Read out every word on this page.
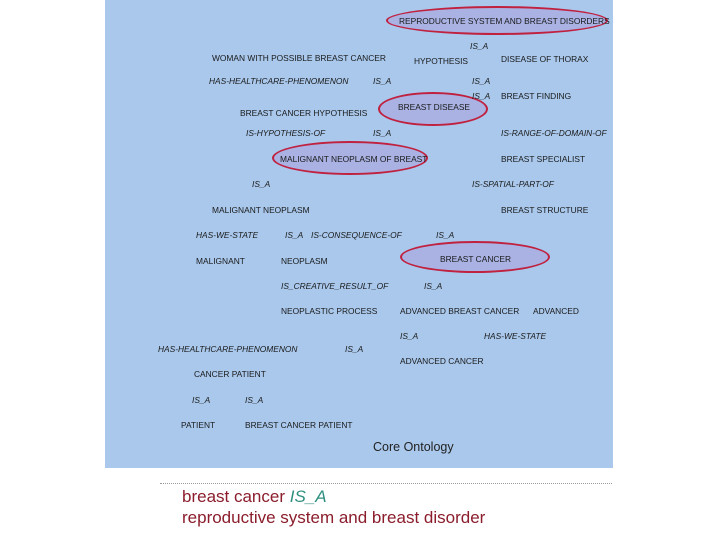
REPRODUCTIVE SYSTEM AND BREAST DISORDERS
WOMAN WITH POSSIBLE BREAST CANCER	HYPOTHESIS	DISEASE OF THORAX
BREAST FINDING
BREAST DISEASE
BREAST CANCER HYPOTHESIS
MALIGNANT NEOPLASM OF BREAST	BREAST SPECIALIST
MALIGNANT NEOPLASM	BREAST STRUCTURE
MALIGNANT	NEOPLASM	BREAST CANCER
NEOPLASTIC PROCESS	ADVANCED BREAST CANCER ADVANCED
ADVANCED CANCER
CANCER PATIENT
PATIENT	BREAST CANCER PATIENT
IS_A
HAS-HEALTHCARE-PHENOMENON	IS_A	IS_A
IS_A
IS-HYPOTHESIS-OF	IS_A	IS-RANGE-OF-DOMAIN-OF
IS_A	IS-SPATIAL-PART-OF
HAS-WE-STATE	IS_A IS-CONSEQUENCE-OF	IS_A
IS_CREATIVE_RESULT_OF	IS_A
IS_A	HAS-WE-STATE
HAS-HEALTHCARE-PHENOMENON	IS_A
IS_A	IS_A
Core Ontology
breast cancer IS_A
reproductive system and breast disorder
